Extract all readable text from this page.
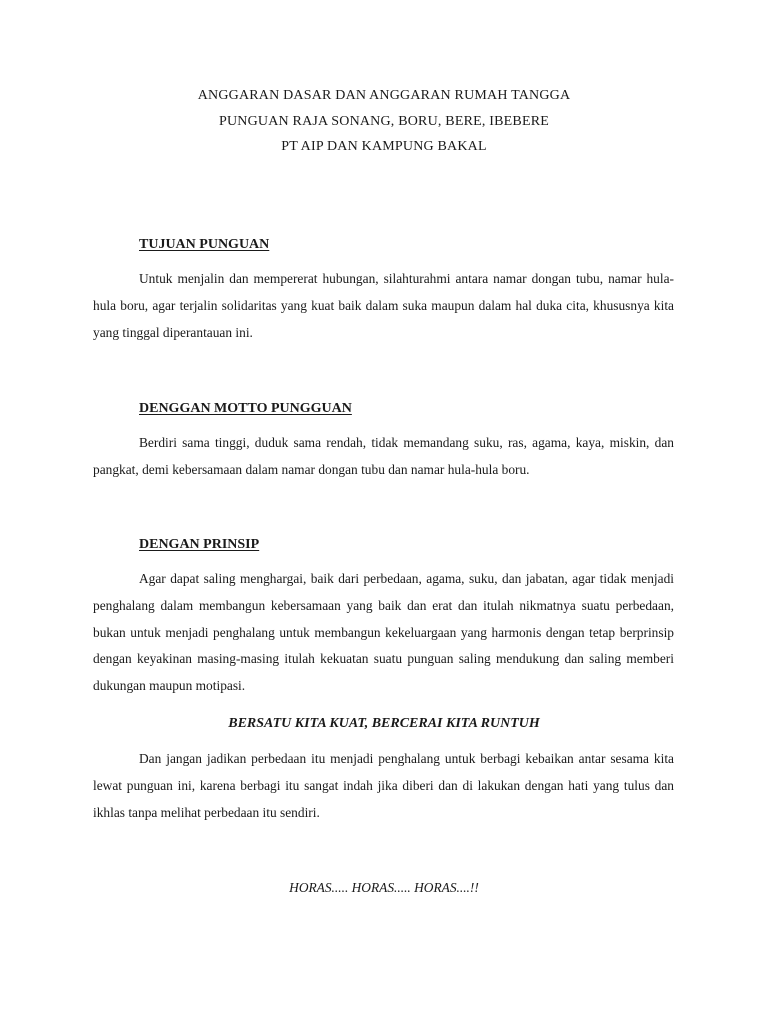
ANGGARAN DASAR DAN ANGGARAN RUMAH TANGGA
PUNGUAN RAJA SONANG, BORU, BERE, IBEBERE
PT AIP DAN KAMPUNG BAKAL
TUJUAN PUNGUAN

Untuk menjalin dan mempererat hubungan, silahturahmi antara namar dongan tubu, namar hula-hula boru, agar terjalin solidaritas yang kuat baik dalam suka maupun dalam hal duka cita, khususnya kita yang tinggal diperantauan ini.

DENGGAN MOTTO PUNGGUAN

Berdiri sama tinggi, duduk sama rendah, tidak memandang suku, ras, agama, kaya, miskin, dan pangkat, demi kebersamaan dalam namar dongan tubu dan namar hula-hula boru.

DENGAN PRINSIP

Agar dapat saling menghargai, baik dari perbedaan, agama, suku, dan jabatan, agar tidak menjadi penghalang dalam membangun kebersamaan yang baik dan erat dan itulah nikmatnya suatu perbedaan, bukan untuk menjadi penghalang untuk membangun kekeluargaan yang harmonis dengan tetap berprinsip dengan keyakinan masing-masing itulah kekuatan suatu punguan saling mendukung dan saling memberi dukungan maupun motipasi.

BERSATU KITA KUAT, BERCERAI KITA RUNTUH

Dan jangan jadikan perbedaan itu menjadi penghalang untuk berbagi kebaikan antar sesama kita lewat punguan ini, karena berbagi itu sangat indah jika diberi dan di lakukan dengan hati yang tulus dan ikhlas tanpa melihat perbedaan itu sendiri.

HORAS..... HORAS..... HORAS....!!
